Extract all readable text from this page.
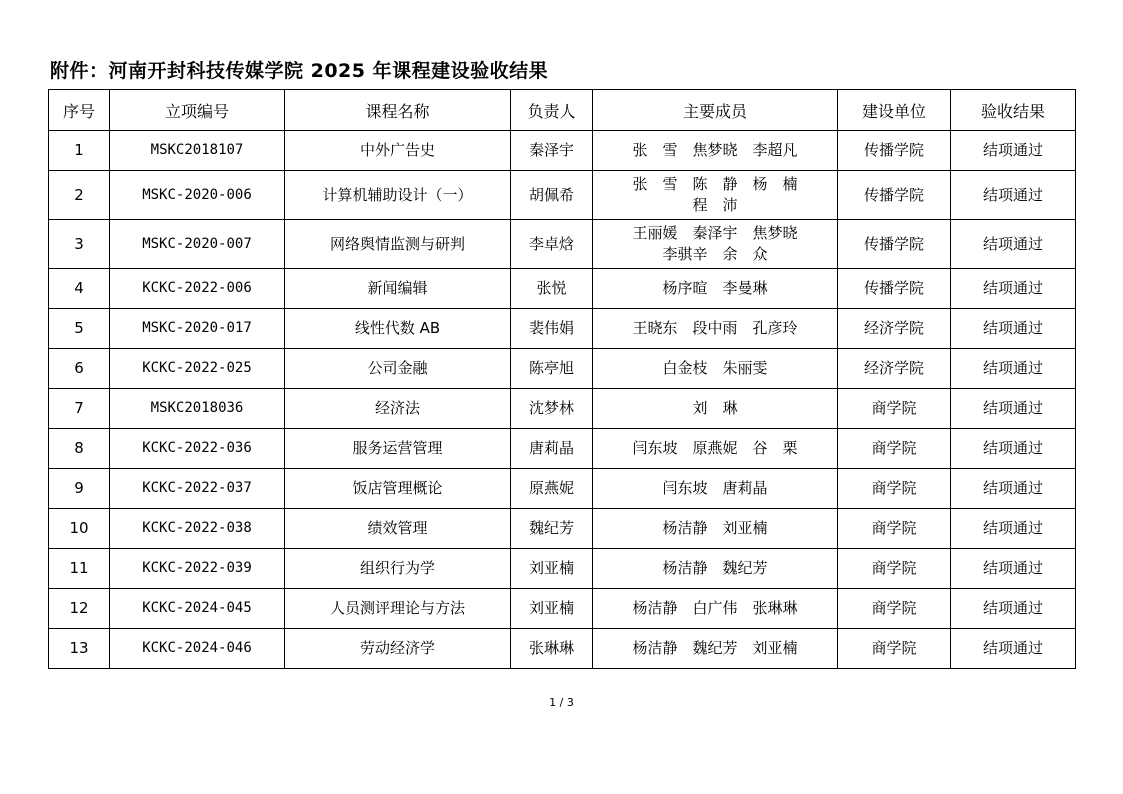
附件：河南开封科技传媒学院 2025 年课程建设验收结果
序号	立项编号	课程名称	负责人	主要成员	建设单位	验收结果
1	MSKC2018107	中外广告史	秦泽宇	张　雪　焦梦晓　李超凡	传播学院	结项通过
2	MSKC-2020-006	计算机辅助设计（一）	胡佩希	张　雪　陈　静　杨　楠
程　沛	传播学院	结项通过
3	MSKC-2020-007	网络舆情监测与研判	李卓焓	王丽媛　秦泽宇　焦梦晓
李骐辛　余　众	传播学院	结项通过
4	KCKC-2022-006	新闻编辑	张悦	杨序暄　李曼琳	传播学院	结项通过
5	MSKC-2020-017	线性代数 AB	裴伟娟	王晓东　段中雨　孔彦玲	经济学院	结项通过
6	KCKC-2022-025	公司金融	陈亭旭	白金枝　朱丽雯	经济学院	结项通过
7	MSKC2018036	经济法	沈梦林	刘　琳	商学院	结项通过
8	KCKC-2022-036	服务运营管理	唐莉晶	闫东坡　原燕妮　谷　栗	商学院	结项通过
9	KCKC-2022-037	饭店管理概论	原燕妮	闫东坡　唐莉晶	商学院	结项通过
10	KCKC-2022-038	绩效管理	魏纪芳	杨洁静　刘亚楠	商学院	结项通过
11	KCKC-2022-039	组织行为学	刘亚楠	杨洁静　魏纪芳	商学院	结项通过
12	KCKC-2024-045	人员测评理论与方法	刘亚楠	杨洁静　白广伟　张琳琳	商学院	结项通过
13	KCKC-2024-046	劳动经济学	张琳琳	杨洁静　魏纪芳　刘亚楠	商学院	结项通过
1 / 3
